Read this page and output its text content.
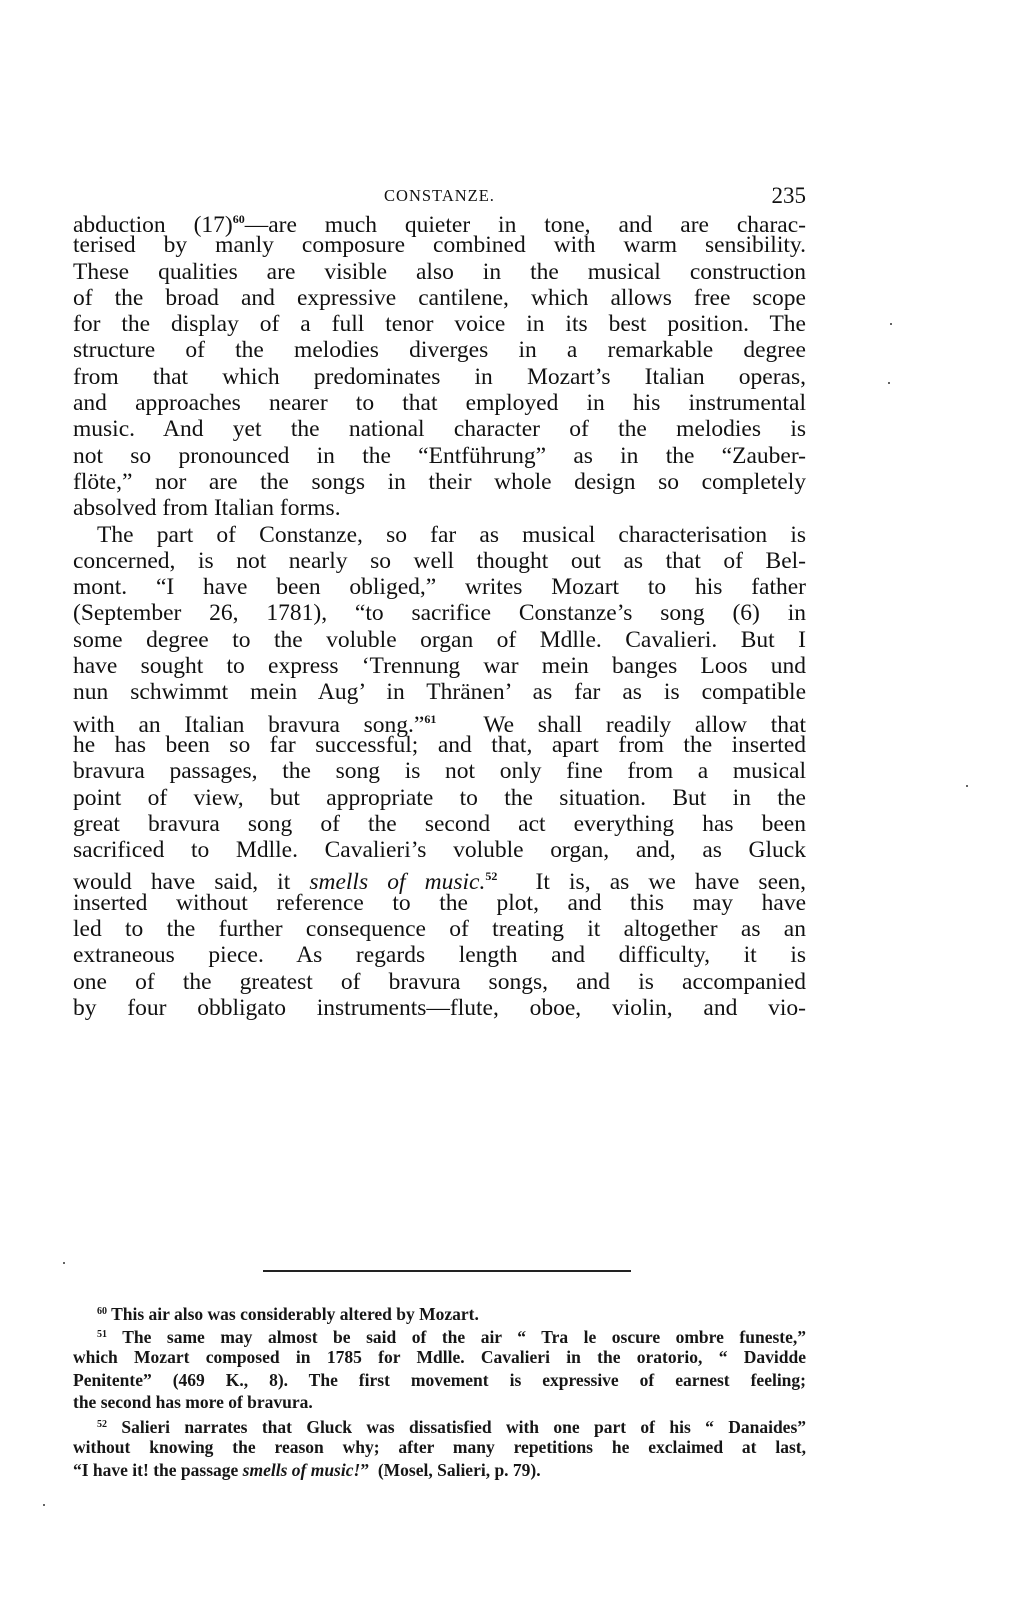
CONSTANZE.	235
abduction $(17)^{60}—are$ much quieter in tone, and are charac-
terised by manly composure combined with warm sensibility.
These qualities are visible also in the musical construction
of the broad and expressive cantilene, which allows free scope
for the display of a full tenor voice in its best position. The
structure of the melodies diverges in a remarkable degree
from that which predominates in Mozart’s Italian operas,
and approaches nearer to that employed in his instrumental
music. And yet the national character of the melodies is
not so pronounced in the “Entführung” as in the “Zauber-
flöte,” nor are the songs in their whole design so completely
absolved from Italian forms.
The part of Constanze, so far as musical characterisation is
concerned, is not nearly so well thought out as that of Bel-
mont. “I have been obliged,” writes Mozart to his father
(September 26, 1781), “to sacrifice Constanze’s song (6) in
some degree to the voluble organ of Mdlle. Cavalieri. But I
have sought to express ‘Trennung war mein banges Loos und
nun schwimmt mein Aug’ in Thränen’ as far as is compatible
with an Italian bravura song.”$^{61}$  We shall readily allow that
he has been so far successful; and that, apart from the inserted
bravura passages, the song is not only fine from a musical
point of view, but appropriate to the situation. But in the
great bravura song of the second act everything has been
sacrificed to Mdlle. Cavalieri’s voluble organ, and, as Gluck
would have said, it smells of music.$^{52}$  It is, as we have seen,
inserted without reference to the plot, and this may have
led to the further consequence of treating it altogether as an
extraneous piece. As regards length and difficulty, it is
one of the greatest of bravura songs, and is accompanied
by four obbligato instruments—flute, oboe, violin, and vio-
$^{60}$ This air also was considerably altered by Mozart.
$^{51}$ The same may almost be said of the air “ Tra le oscure ombre funeste,”
which Mozart composed in 1785 for Mdlle. Cavalieri in the oratorio, “ Davidde
Penitente” (469 K., 8). The first movement is expressive of earnest feeling;
the second has more of bravura.
$^{52}$ Salieri narrates that Gluck was dissatisfied with one part of his “ Danaides”
without knowing the reason why; after many repetitions he exclaimed at last,
“I have it! the passage smells of music!”  (Mosel, Salieri, p. 79).
